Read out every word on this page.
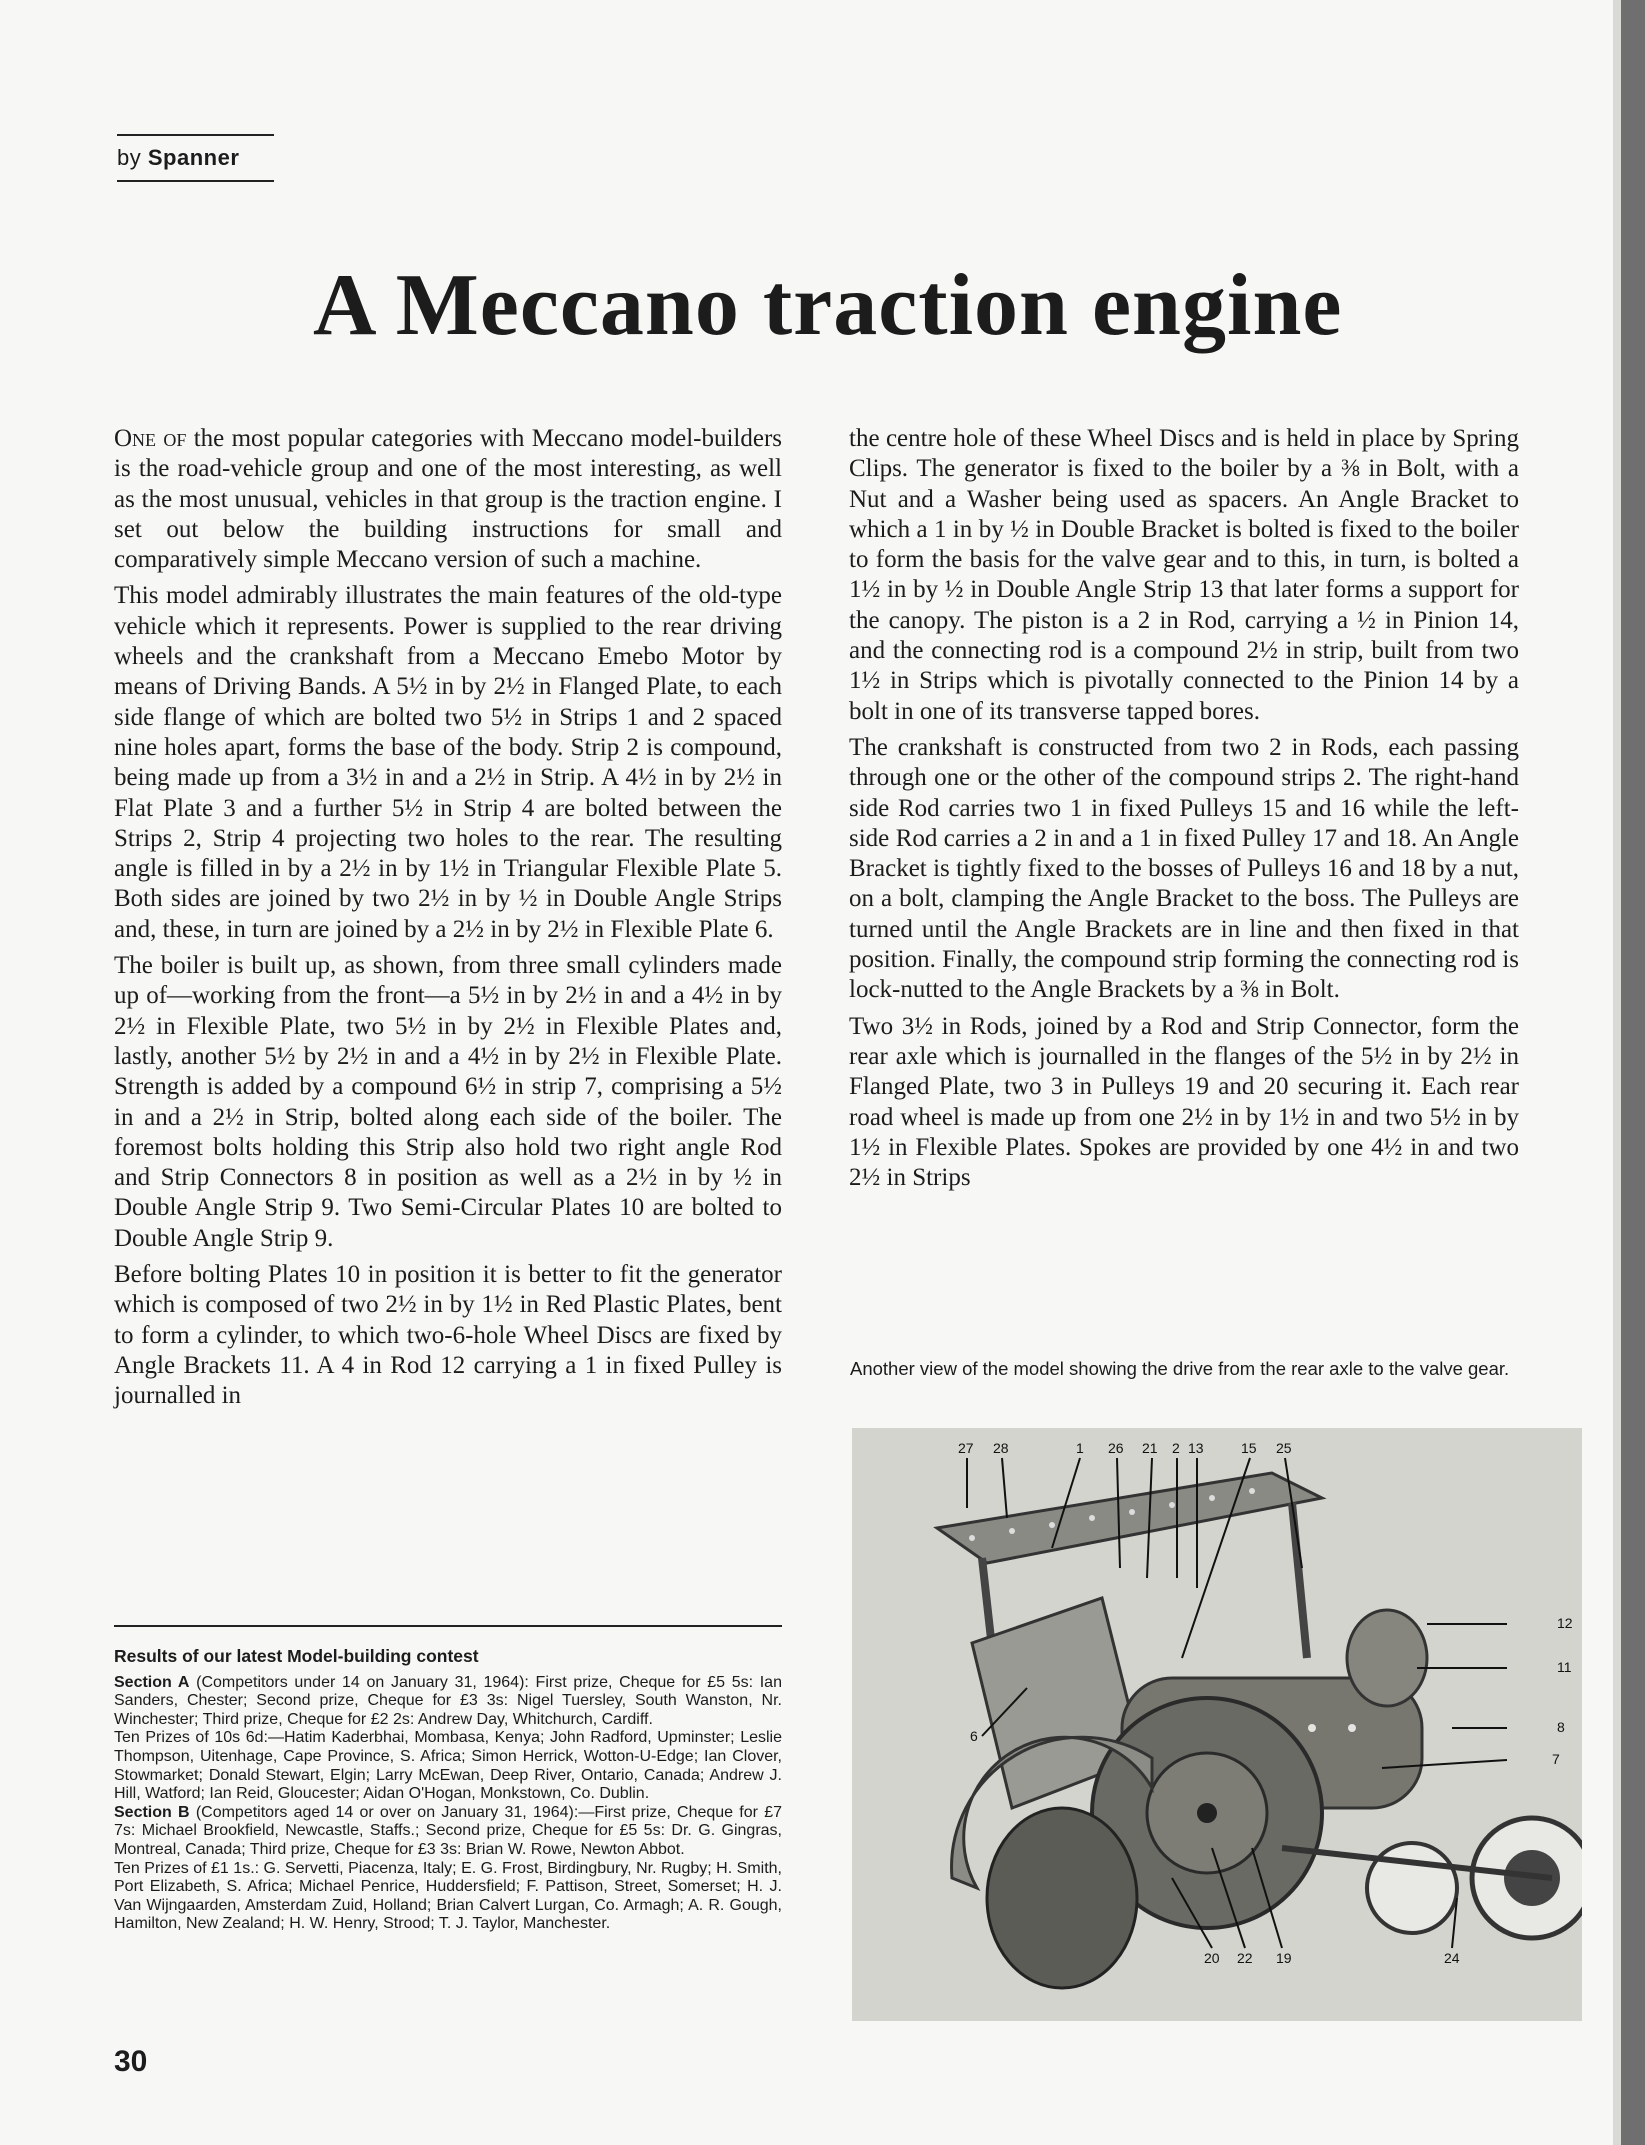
by Spanner
A Meccano traction engine

One of the most popular categories with Meccano model-builders is the road-vehicle group and one of the most interesting, as well as the most unusual, vehicles in that group is the traction engine. I set out below the building instructions for small and comparatively simple Meccano version of such a machine.

This model admirably illustrates the main features of the old-type vehicle which it represents. Power is supplied to the rear driving wheels and the crankshaft from a Meccano Emebo Motor by means of Driving Bands. A 5½ in by 2½ in Flanged Plate, to each side flange of which are bolted two 5½ in Strips 1 and 2 spaced nine holes apart, forms the base of the body. Strip 2 is compound, being made up from a 3½ in and a 2½ in Strip. A 4½ in by 2½ in Flat Plate 3 and a further 5½ in Strip 4 are bolted between the Strips 2, Strip 4 projecting two holes to the rear. The resulting angle is filled in by a 2½ in by 1½ in Triangular Flexible Plate 5. Both sides are joined by two 2½ in by ½ in Double Angle Strips and, these, in turn are joined by a 2½ in by 2½ in Flexible Plate 6.

The boiler is built up, as shown, from three small cylinders made up of—working from the front—a 5½ in by 2½ in and a 4½ in by 2½ in Flexible Plate, two 5½ in by 2½ in Flexible Plates and, lastly, another 5½ by 2½ in and a 4½ in by 2½ in Flexible Plate. Strength is added by a compound 6½ in strip 7, comprising a 5½ in and a 2½ in Strip, bolted along each side of the boiler. The foremost bolts holding this Strip also hold two right angle Rod and Strip Connectors 8 in position as well as a 2½ in by ½ in Double Angle Strip 9. Two Semi-Circular Plates 10 are bolted to Double Angle Strip 9.

Before bolting Plates 10 in position it is better to fit the generator which is composed of two 2½ in by 1½ in Red Plastic Plates, bent to form a cylinder, to which two-6-hole Wheel Discs are fixed by Angle Brackets 11. A 4 in Rod 12 carrying a 1 in fixed Pulley is journalled in

the centre hole of these Wheel Discs and is held in place by Spring Clips. The generator is fixed to the boiler by a ⅜ in Bolt, with a Nut and a Washer being used as spacers. An Angle Bracket to which a 1 in by ½ in Double Bracket is bolted is fixed to the boiler to form the basis for the valve gear and to this, in turn, is bolted a 1½ in by ½ in Double Angle Strip 13 that later forms a support for the canopy. The piston is a 2 in Rod, carrying a ½ in Pinion 14, and the connecting rod is a compound 2½ in strip, built from two 1½ in Strips which is pivotally connected to the Pinion 14 by a bolt in one of its transverse tapped bores.

The crankshaft is constructed from two 2 in Rods, each passing through one or the other of the compound strips 2. The right-hand side Rod carries two 1 in fixed Pulleys 15 and 16 while the left-side Rod carries a 2 in and a 1 in fixed Pulley 17 and 18. An Angle Bracket is tightly fixed to the bosses of Pulleys 16 and 18 by a nut, on a bolt, clamping the Angle Bracket to the boss. The Pulleys are turned until the Angle Brackets are in line and then fixed in that position. Finally, the compound strip forming the connecting rod is lock-nutted to the Angle Brackets by a ⅜ in Bolt.

Two 3½ in Rods, joined by a Rod and Strip Connector, form the rear axle which is journalled in the flanges of the 5½ in by 2½ in Flanged Plate, two 3 in Pulleys 19 and 20 securing it. Each rear road wheel is made up from one 2½ in by 1½ in and two 5½ in by 1½ in Flexible Plates. Spokes are provided by one 4½ in and two 2½ in Strips

Another view of the model showing the drive from the rear axle to the valve gear.
27 28	1 26 21 2 13	15 25
12
11
8
7
6
20 22 19	24
Results of our latest Model-building contest

Section A (Competitors under 14 on January 31, 1964): First prize, Cheque for £5 5s: Ian Sanders, Chester; Second prize, Cheque for £3 3s: Nigel Tuersley, South Wanston, Nr. Winchester; Third prize, Cheque for £2 2s: Andrew Day, Whitchurch, Cardiff.

Ten Prizes of 10s 6d:—Hatim Kaderbhai, Mombasa, Kenya; John Radford, Upminster; Leslie Thompson, Uitenhage, Cape Province, S. Africa; Simon Herrick, Wotton-U-Edge; Ian Clover, Stowmarket; Donald Stewart, Elgin; Larry McEwan, Deep River, Ontario, Canada; Andrew J. Hill, Watford; Ian Reid, Gloucester; Aidan O'Hogan, Monkstown, Co. Dublin.

Section B (Competitors aged 14 or over on January 31, 1964):—First prize, Cheque for £7 7s: Michael Brookfield, Newcastle, Staffs.; Second prize, Cheque for £5 5s: Dr. G. Gingras, Montreal, Canada; Third prize, Cheque for £3 3s: Brian W. Rowe, Newton Abbot.

Ten Prizes of £1 1s.: G. Servetti, Piacenza, Italy; E. G. Frost, Birdingbury, Nr. Rugby; H. Smith, Port Elizabeth, S. Africa; Michael Penrice, Huddersfield; F. Pattison, Street, Somerset; H. J. Van Wijngaarden, Amsterdam Zuid, Holland; Brian Calvert Lurgan, Co. Armagh; A. R. Gough, Hamilton, New Zealand; H. W. Henry, Strood; T. J. Taylor, Manchester.

30
